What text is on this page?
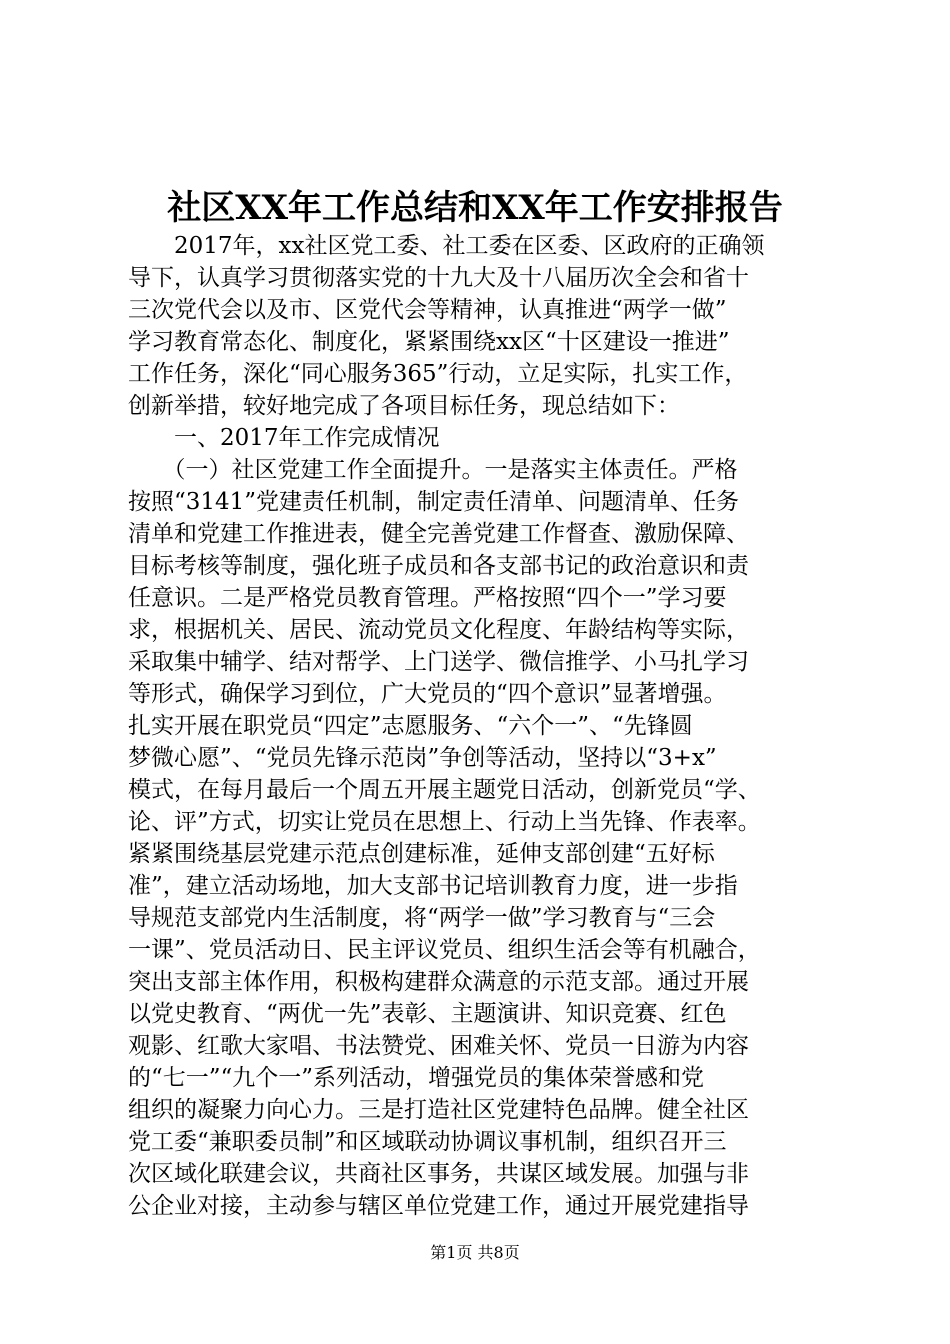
社区XX年工作总结和XX年工作安排报告
　　2017年，xx社区党工委、社工委在区委、区政府的正确领
导下，认真学习贯彻落实党的十九大及十八届历次全会和省十
三次党代会以及市、区党代会等精神，认真推进“两学一做”
学习教育常态化、制度化，紧紧围绕xx区“十区建设一推进”
工作任务，深化“同心服务365”行动，立足实际，扎实工作，
创新举措，较好地完成了各项目标任务，现总结如下：
　　一、2017年工作完成情况
　　（一）社区党建工作全面提升。一是落实主体责任。严格
按照“3141”党建责任机制，制定责任清单、问题清单、任务
清单和党建工作推进表，健全完善党建工作督查、激励保障、
目标考核等制度，强化班子成员和各支部书记的政治意识和责
任意识。二是严格党员教育管理。严格按照“四个一”学习要
求，根据机关、居民、流动党员文化程度、年龄结构等实际，
采取集中辅学、结对帮学、上门送学、微信推学、小马扎学习
等形式，确保学习到位，广大党员的“四个意识”显著增强。
扎实开展在职党员“四定”志愿服务、“六个一”、“先锋圆
梦微心愿”、“党员先锋示范岗”争创等活动，坚持以“3+x”
模式，在每月最后一个周五开展主题党日活动，创新党员“学、
论、评”方式，切实让党员在思想上、行动上当先锋、作表率。
紧紧围绕基层党建示范点创建标准，延伸支部创建“五好标
准”，建立活动场地，加大支部书记培训教育力度，进一步指
导规范支部党内生活制度，将“两学一做”学习教育与“三会
一课”、党员活动日、民主评议党员、组织生活会等有机融合，
突出支部主体作用，积极构建群众满意的示范支部。通过开展
以党史教育、“两优一先”表彰、主题演讲、知识竞赛、红色
观影、红歌大家唱、书法赞党、困难关怀、党员一日游为内容
的“七一”“九个一”系列活动，增强党员的集体荣誉感和党
组织的凝聚力向心力。三是打造社区党建特色品牌。健全社区
党工委“兼职委员制”和区域联动协调议事机制，组织召开三
次区域化联建会议，共商社区事务，共谋区域发展。加强与非
公企业对接，主动参与辖区单位党建工作，通过开展党建指导
第1页 共8页
